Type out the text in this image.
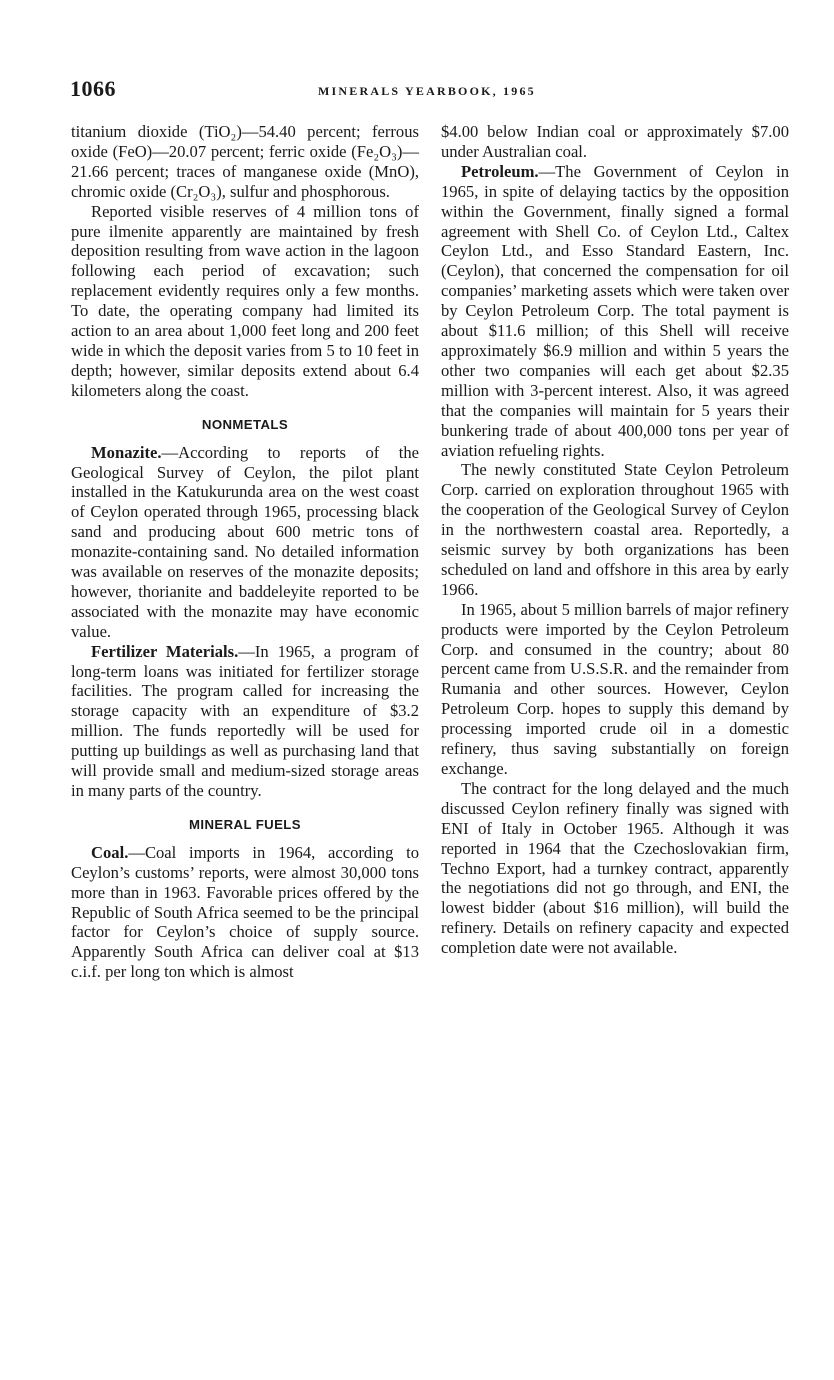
1066	MINERALS YEARBOOK, 1965

titanium dioxide (TiO₂)—54.40 percent; ferrous oxide (FeO)—20.07 percent; ferric oxide (Fe₂O₃)—21.66 percent; traces of manganese oxide (MnO), chromic oxide (Cr₂O₃), sulfur and phosphorous.

Reported visible reserves of 4 million tons of pure ilmenite apparently are maintained by fresh deposition resulting from wave action in the lagoon following each period of excavation; such replacement evidently requires only a few months. To date, the operating company had limited its action to an area about 1,000 feet long and 200 feet wide in which the deposit varies from 5 to 10 feet in depth; however, similar deposits extend about 6.4 kilometers along the coast.

NONMETALS

Monazite.—According to reports of the Geological Survey of Ceylon, the pilot plant installed in the Katukurunda area on the west coast of Ceylon operated through 1965, processing black sand and producing about 600 metric tons of monazite-containing sand. No detailed information was available on reserves of the monazite deposits; however, thorianite and baddeleyite reported to be associated with the monazite may have economic value.

Fertilizer Materials.—In 1965, a program of long-term loans was initiated for fertilizer storage facilities. The program called for increasing the storage capacity with an expenditure of $3.2 million. The funds reportedly will be used for putting up buildings as well as purchasing land that will provide small and medium-sized storage areas in many parts of the country.

MINERAL FUELS

Coal.—Coal imports in 1964, according to Ceylon’s customs’ reports, were almost 30,000 tons more than in 1963. Favorable prices offered by the Republic of South Africa seemed to be the principal factor for Ceylon’s choice of supply source. Apparently South Africa can deliver coal at $13 c.i.f. per long ton which is almost

$4.00 below Indian coal or approximately $7.00 under Australian coal.

Petroleum.—The Government of Ceylon in 1965, in spite of delaying tactics by the opposition within the Government, finally signed a formal agreement with Shell Co. of Ceylon Ltd., Caltex Ceylon Ltd., and Esso Standard Eastern, Inc. (Ceylon), that concerned the compensation for oil companies’ marketing assets which were taken over by Ceylon Petroleum Corp. The total payment is about $11.6 million; of this Shell will receive approximately $6.9 million and within 5 years the other two companies will each get about $2.35 million with 3-percent interest. Also, it was agreed that the companies will maintain for 5 years their bunkering trade of about 400,000 tons per year of aviation refueling rights.

The newly constituted State Ceylon Petroleum Corp. carried on exploration throughout 1965 with the cooperation of the Geological Survey of Ceylon in the northwestern coastal area. Reportedly, a seismic survey by both organizations has been scheduled on land and offshore in this area by early 1966.

In 1965, about 5 million barrels of major refinery products were imported by the Ceylon Petroleum Corp. and consumed in the country; about 80 percent came from U.S.S.R. and the remainder from Rumania and other sources. However, Ceylon Petroleum Corp. hopes to supply this demand by processing imported crude oil in a domestic refinery, thus saving substantially on foreign exchange.

The contract for the long delayed and the much discussed Ceylon refinery finally was signed with ENI of Italy in October 1965. Although it was reported in 1964 that the Czechoslovakian firm, Techno Export, had a turnkey contract, apparently the negotiations did not go through, and ENI, the lowest bidder (about $16 million), will build the refinery. Details on refinery capacity and expected completion date were not available.
